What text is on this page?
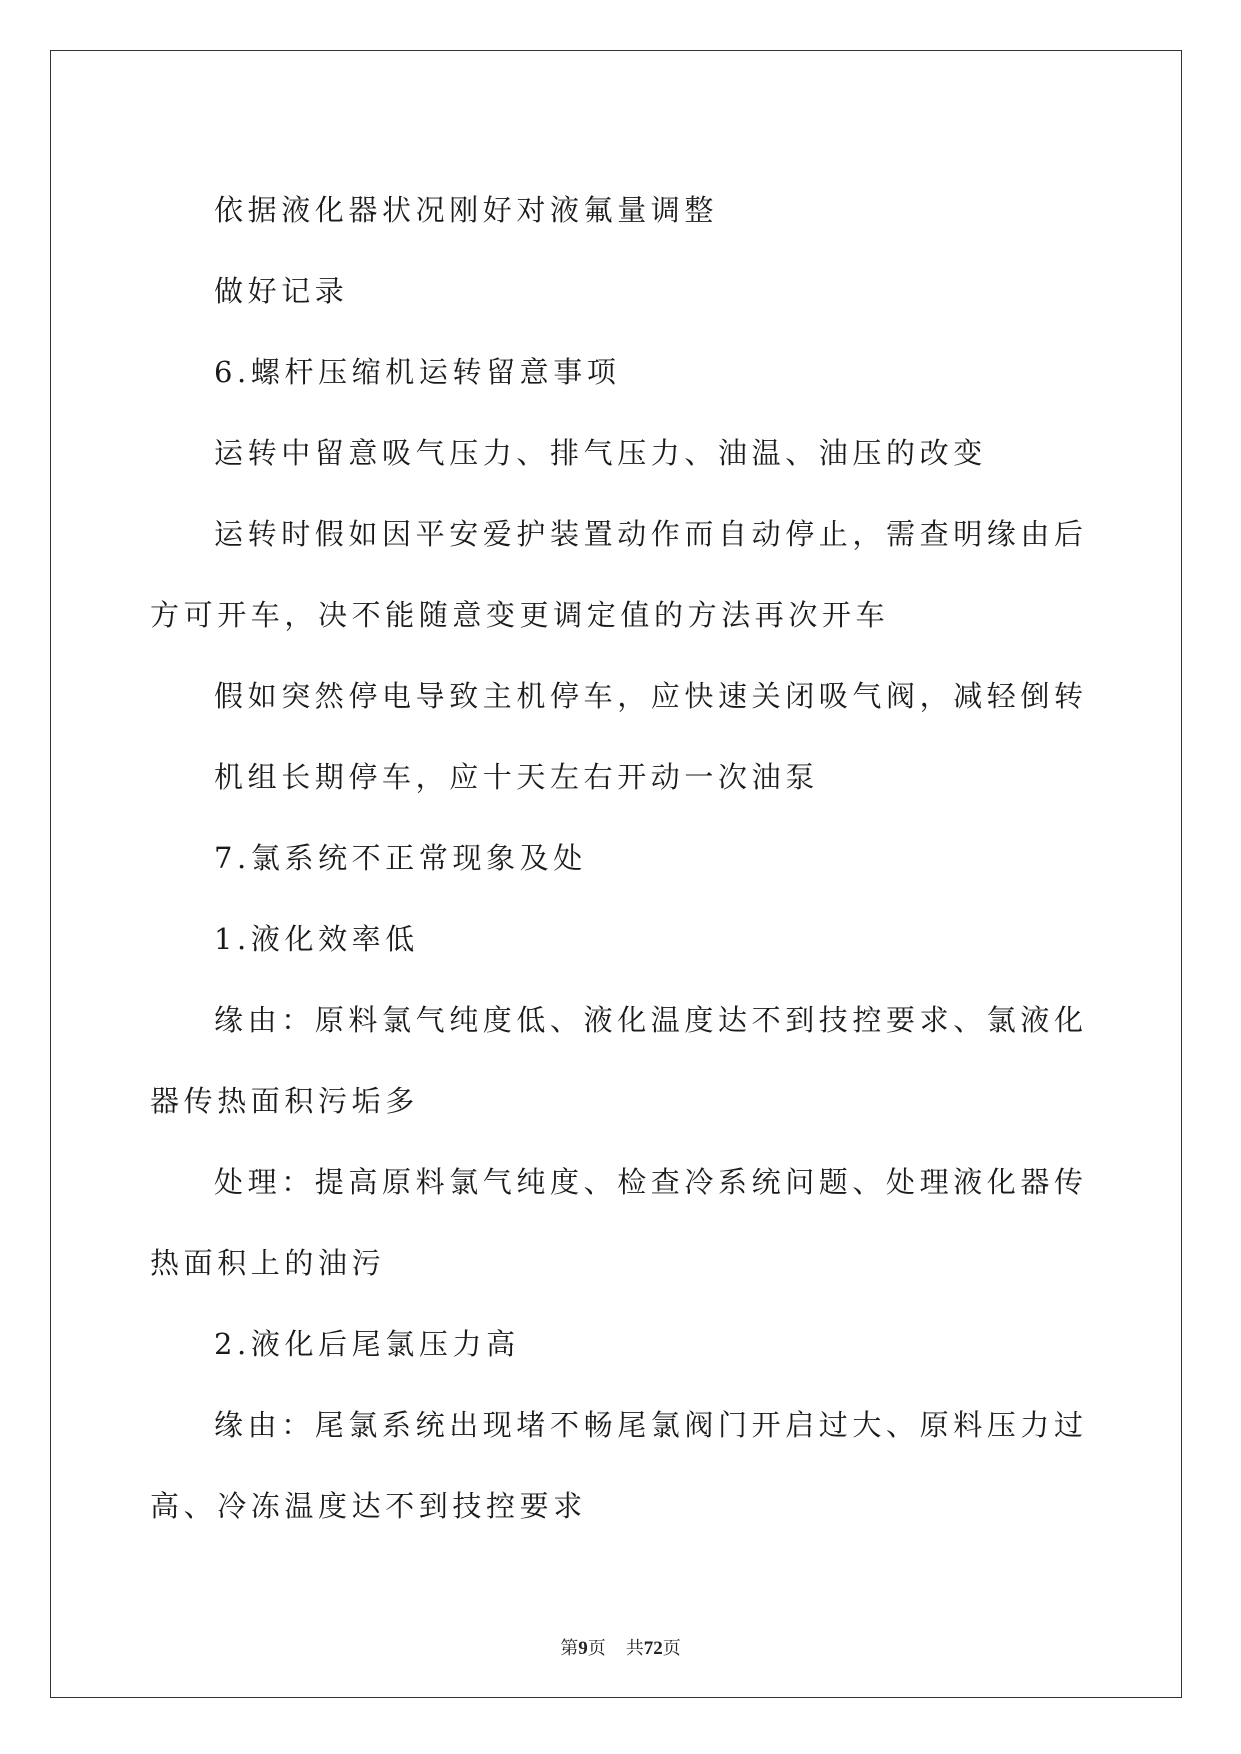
依据液化器状况刚好对液氟量调整

做好记录

6.螺杆压缩机运转留意事项

运转中留意吸气压力、排气压力、油温、油压的改变

运转时假如因平安爱护装置动作而自动停止，需查明缘由后方可开车，决不能随意变更调定值的方法再次开车

假如突然停电导致主机停车，应快速关闭吸气阀，减轻倒转

机组长期停车，应十天左右开动一次油泵

7.氯系统不正常现象及处

1.液化效率低

缘由：原料氯气纯度低、液化温度达不到技控要求、氯液化器传热面积污垢多

处理：提高原料氯气纯度、检查冷系统问题、处理液化器传热面积上的油污

2.液化后尾氯压力高

缘由：尾氯系统出现堵不畅尾氯阀门开启过大、原料压力过高、冷冻温度达不到技控要求

第9页 共72页
